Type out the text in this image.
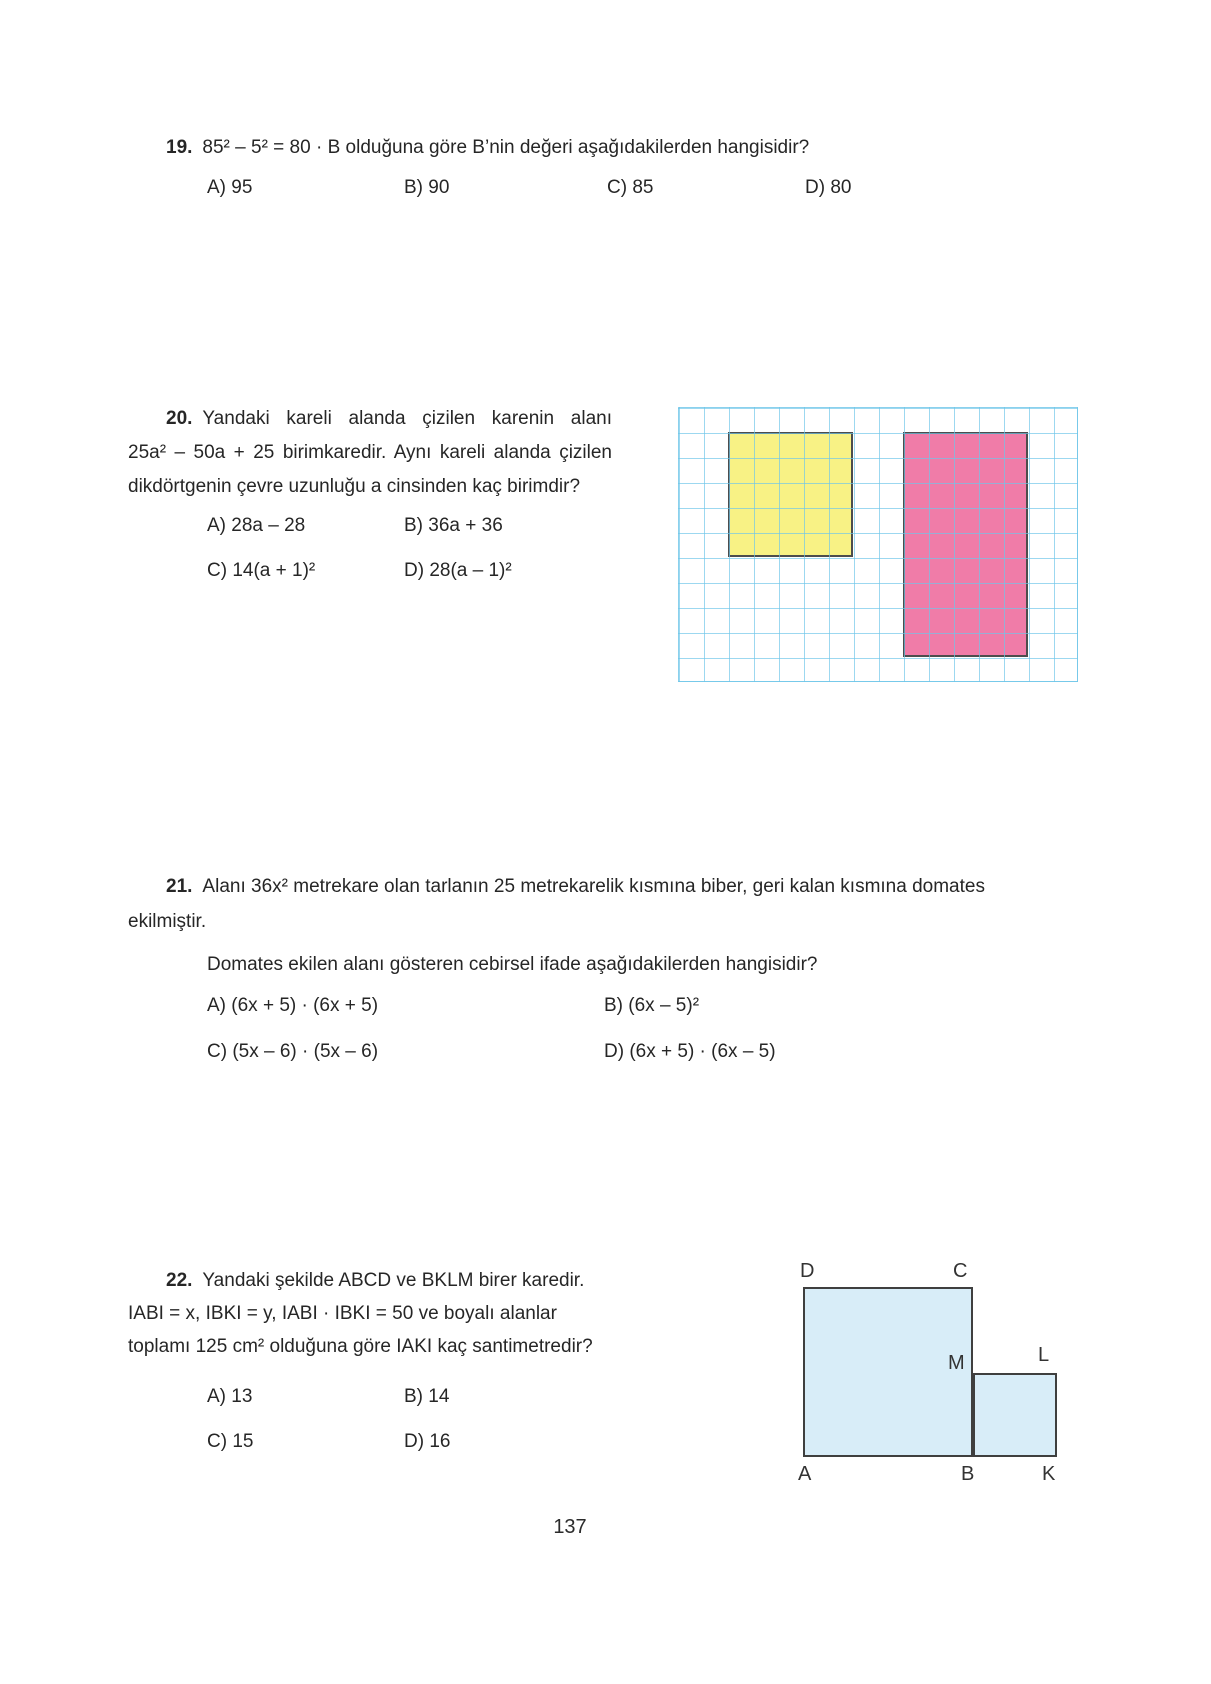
19. 85² – 5² = 80 · B olduğuna göre B’nin değeri aşağıdakilerden hangisidir?
A) 95	B) 90	C) 85	D) 80
20. Yandaki kareli alanda çizilen karenin alanı
25a² – 50a + 25 birimkaredir. Aynı kareli alanda çizilen
dikdörtgenin çevre uzunluğu a cinsinden kaç birimdir?
A) 28a – 28	B) 36a + 36
C) 14(a + 1)²	D) 28(a – 1)²
21. Alanı 36x² metrekare olan tarlanın 25 metrekarelik kısmına biber, geri kalan kısmına domates
ekilmiştir.
Domates ekilen alanı gösteren cebirsel ifade aşağıdakilerden hangisidir?
A) (6x + 5) · (6x + 5)	B) (6x – 5)²
C) (5x – 6) · (5x – 6)	D) (6x + 5) · (6x – 5)
22. Yandaki şekilde ABCD ve BKLM birer karedir.
IABI = x, IBKI = y, IABI · IBKI = 50 ve boyalı alanlar
toplamı 125 cm² olduğuna göre IAKI kaç santimetredir?
A) 13	B) 14
C) 15	D) 16
D	C
M	L
A	B	K
137
